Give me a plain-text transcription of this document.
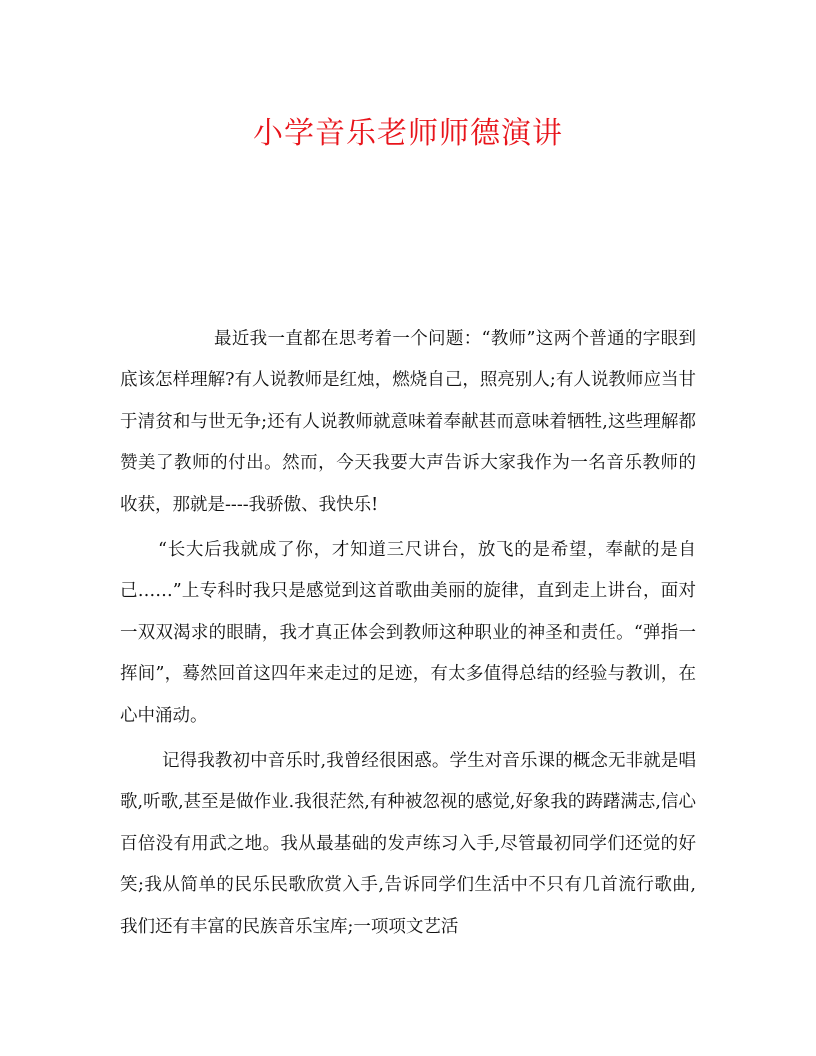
小学音乐老师师德演讲

最近我一直都在思考着一个问题：“教师”这两个普通的字眼到底该怎样理解?有人说教师是红烛，燃烧自己，照亮别人;有人说教师应当甘于清贫和与世无争;还有人说教师就意味着奉献甚而意味着牺牲,这些理解都赞美了教师的付出。然而，今天我要大声告诉大家我作为一名音乐教师的收获，那就是----我骄傲、我快乐!

“长大后我就成了你，才知道三尺讲台，放飞的是希望，奉献的是自己……”上专科时我只是感觉到这首歌曲美丽的旋律，直到走上讲台，面对一双双渴求的眼睛，我才真正体会到教师这种职业的神圣和责任。“弹指一挥间”，蓦然回首这四年来走过的足迹，有太多值得总结的经验与教训，在心中涌动。

记得我教初中音乐时,我曾经很困惑。学生对音乐课的概念无非就是唱歌,听歌,甚至是做作业.我很茫然,有种被忽视的感觉,好象我的踌躇满志,信心百倍没有用武之地。我从最基础的发声练习入手,尽管最初同学们还觉的好笑;我从简单的民乐民歌欣赏入手,告诉同学们生活中不只有几首流行歌曲,我们还有丰富的民族音乐宝库;一项项文艺活
